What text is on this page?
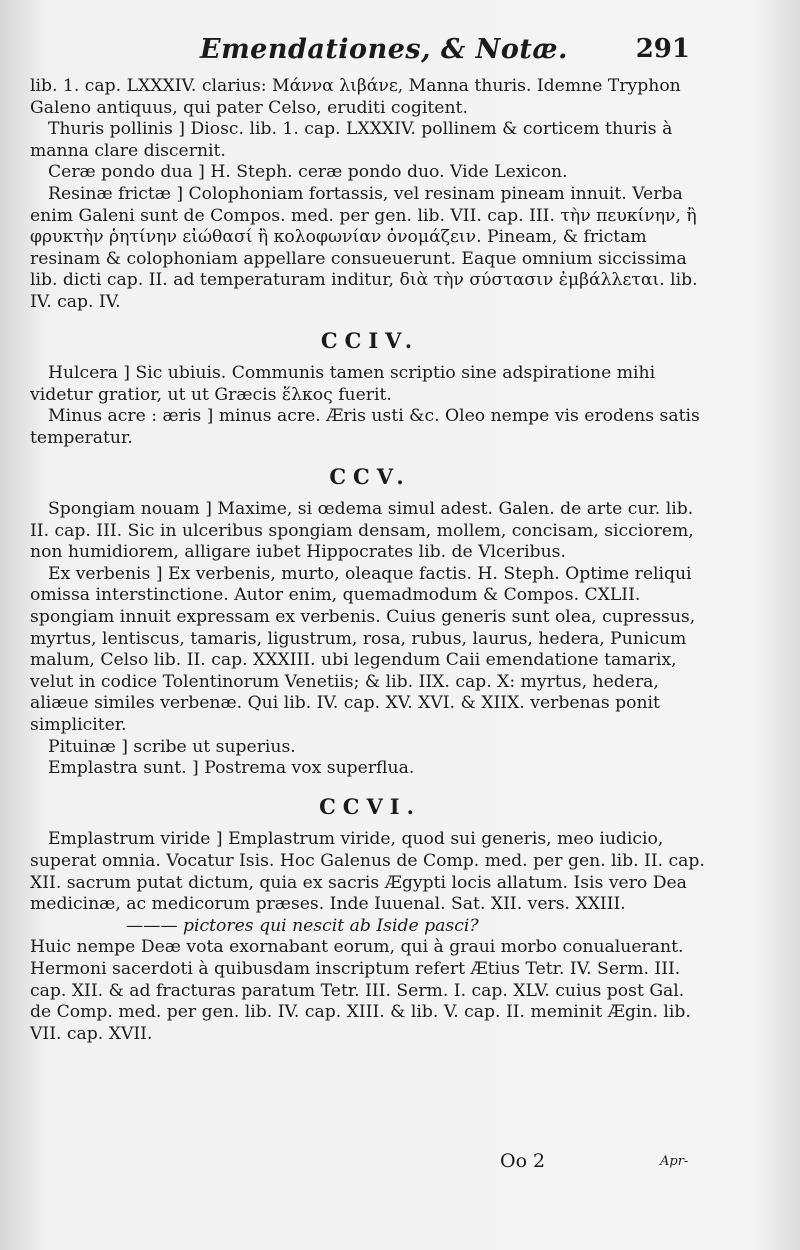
Emendationes, & Notæ.	291

lib. 1. cap. LXXXIV. clarius: Μάννα λιβάνε, Manna thuris. Idemne Tryphon Galeno antiquus, qui pater Celso, eruditi cogitent.

Thuris pollinis ] Diosc. lib. 1. cap. LXXXIV. pollinem & corticem thuris à manna clare discernit.

Ceræ pondo dua ] H. Steph. ceræ pondo duo. Vide Lexicon.

Resinæ frictæ ] Colophoniam fortassis, vel resinam pineam innuit. Verba enim Galeni sunt de Compos. med. per gen. lib. VII. cap. III. τὴν πευκίνην, ἢ φρυκτὴν ῥητίνην εἰώθασί ἢ κολοφωνίαν ὀνομάζειν. Pineam, & frictam resinam & colophoniam appellare consueuerunt. Eaque omnium siccissima lib. dicti cap. II. ad temperaturam inditur, διὰ τὴν σύστασιν ἐμβάλλεται. lib. IV. cap. IV.

CCIV.

Hulcera ] Sic ubiuis. Communis tamen scriptio sine adspiratione mihi videtur gratior, ut ut Græcis ἕλκος fuerit.

Minus acre : æris ] minus acre. Æris usti &c. Oleo nempe vis erodens satis temperatur.

CCV.

Spongiam nouam ] Maxime, si œdema simul adest. Galen. de arte cur. lib. II. cap. III. Sic in ulceribus spongiam densam, mollem, concisam, sicciorem, non humidiorem, alligare iubet Hippocrates lib. de Vlceribus.

Ex verbenis ] Ex verbenis, murto, oleaque factis. H. Steph. Optime reliqui omissa interstinctione. Autor enim, quemadmodum & Compos. CXLII. spongiam innuit expressam ex verbenis. Cuius generis sunt olea, cupressus, myrtus, lentiscus, tamaris, ligustrum, rosa, rubus, laurus, hedera, Punicum malum, Celso lib. II. cap. XXXIII. ubi legendum Caii emendatione tamarix, velut in codice Tolentinorum Venetiis; & lib. IIX. cap. X: myrtus, hedera, aliæue similes verbenæ. Qui lib. IV. cap. XV. XVI. & XIIX. verbenas ponit simpliciter.

Pituinæ ] scribe ut superius.

Emplastra sunt. ] Postrema vox superflua.

CCVI.

Emplastrum viride ] Emplastrum viride, quod sui generis, meo iudicio, superat omnia. Vocatur Isis. Hoc Galenus de Comp. med. per gen. lib. II. cap. XII. sacrum putat dictum, quia ex sacris Ægypti locis allatum. Isis vero Dea medicinæ, ac medicorum præses. Inde Iuuenal. Sat. XII. vers. XXIII.

——— pictores qui nescit ab Iside pasci?

Huic nempe Deæ vota exornabant eorum, qui à graui morbo conualuerant. Hermoni sacerdoti à quibusdam inscriptum refert Ætius Tetr. IV. Serm. III. cap. XII. & ad fracturas paratum Tetr. III. Serm. I. cap. XLV. cuius post Gal. de Comp. med. per gen. lib. IV. cap. XIII. & lib. V. cap. II. meminit Ægin. lib. VII. cap. XVII.

Oo 2	Apr-
